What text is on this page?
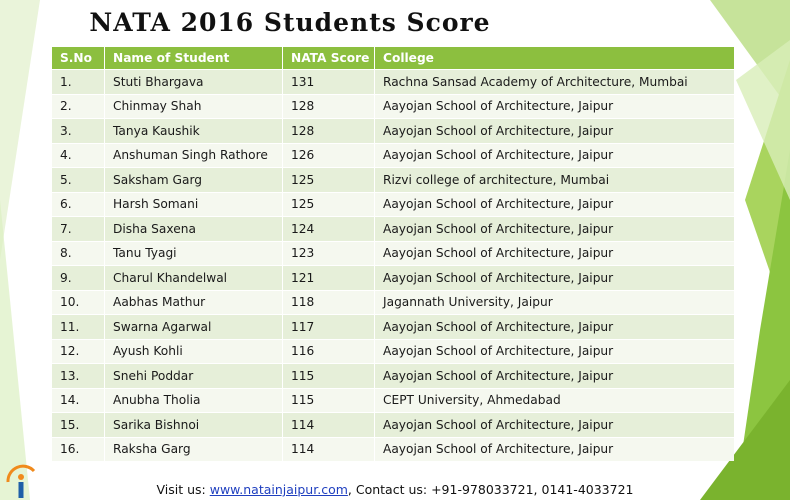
NATA 2016 Students Score
S.No	Name of Student	NATA Score	College
1.	Stuti Bhargava	131	Rachna Sansad Academy of Architecture, Mumbai
2.	Chinmay Shah	128	Aayojan School of Architecture, Jaipur
3.	Tanya Kaushik	128	Aayojan School of Architecture, Jaipur
4.	Anshuman Singh Rathore	126	Aayojan School of Architecture, Jaipur
5.	Saksham Garg	125	Rizvi college of architecture, Mumbai
6.	Harsh Somani	125	Aayojan School of Architecture, Jaipur
7.	Disha Saxena	124	Aayojan School of Architecture, Jaipur
8.	Tanu Tyagi	123	Aayojan School of Architecture, Jaipur
9.	Charul Khandelwal	121	Aayojan School of Architecture, Jaipur
10.	Aabhas Mathur	118	Jagannath University, Jaipur
11.	Swarna Agarwal	117	Aayojan School of Architecture, Jaipur
12.	Ayush Kohli	116	Aayojan School of Architecture, Jaipur
13.	Snehi Poddar	115	Aayojan School of Architecture, Jaipur
14.	Anubha Tholia	115	CEPT University, Ahmedabad
15.	Sarika Bishnoi	114	Aayojan School of Architecture, Jaipur
16.	Raksha Garg	114	Aayojan School of Architecture, Jaipur
Visit us: www.natainjaipur.com, Contact us: +91-978033721, 0141-4033721
